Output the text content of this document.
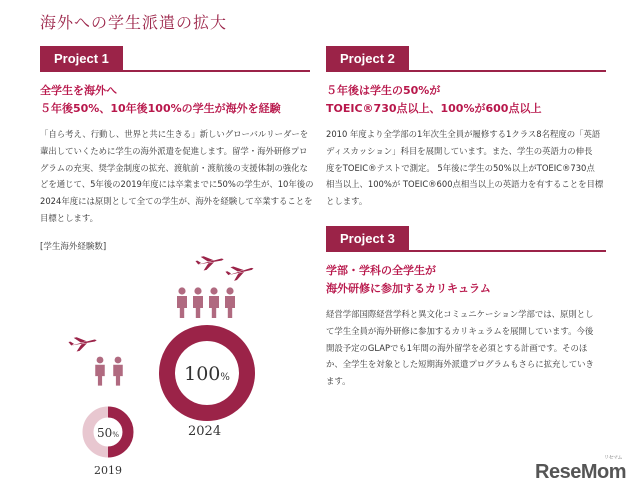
海外への学生派遣の拡大
Project 1
全学生を海外へ
５年後50%、10年後100%の学生が海外を経験
「自ら考え、行動し、世界と共に生きる」新しいグローバルリーダーを
輩出していくために学生の海外派遣を促進します。留学・海外研修プロ
グラムの充実、奨学金制度の拡充、渡航前・渡航後の支援体制の強化な
どを通じて、5年後の2019年度には卒業までに50%の学生が、10年後の
2024年度には原則として全ての学生が、海外を経験して卒業することを
目標とします。
[学生海外経験数]
100%
50%	2024
2019
Project 2
５年後は学生の50%が
TOEIC®730点以上、100%が600点以上
2010 年度より全学部の1年次生全員が履修する1クラス8名程度の「英語
ディスカッション」科目を展開しています。また、学生の英語力の伸長
度をTOEIC®テストで測定。 5年後に学生の50%以上がTOEIC®730点
相当以上、100%が TOEIC®600点相当以上の英語力を有することを目標
とします。
Project 3
学部・学科の全学生が
海外研修に参加するカリキュラム
経営学部国際経営学科と異文化コミュニケーション学部では、原則とし
て学生全員が海外研修に参加するカリキュラムを展開しています。今後
開設予定のGLAPでも1年間の海外留学を必須とする計画です。そのほ
か、全学生を対象とした短期海外派遣プログラムもさらに拡充していき
ます。
リセマム
ReseMom
